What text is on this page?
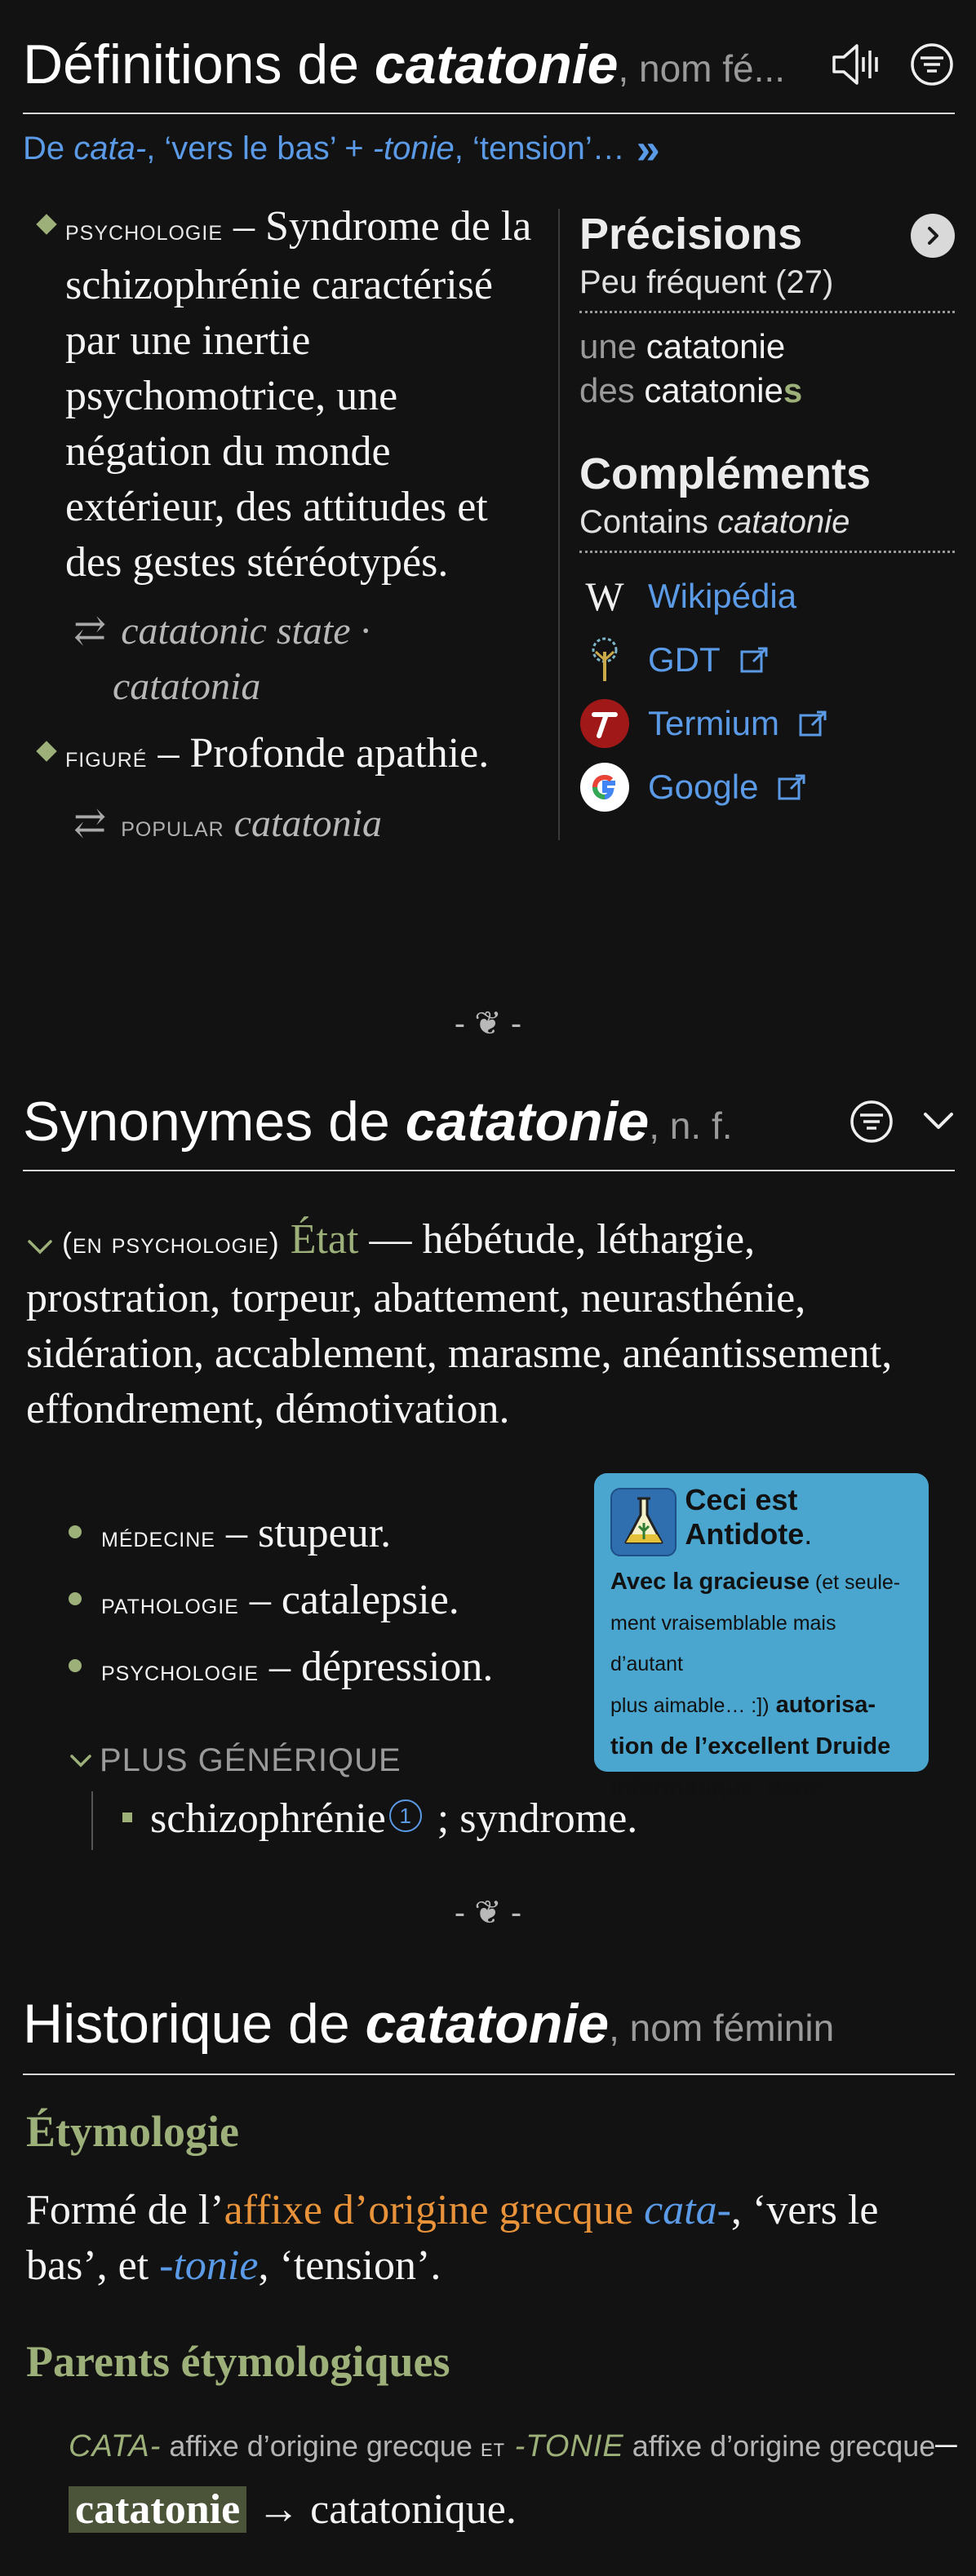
Définitions de catatonie , nom fé...
De cata-, ‘vers le bas’ + -tonie, ‘tension’… »
psychologie – Syndrome de la schizophrénie caractérisé par une inertie psychomotrice, une négation du monde extérieur, des attitudes et des gestes stéréotypés.
⇄ catatonic state ·
catatonia
figuré – Profonde apathie.
⇄ popular catatonia
Précisions
Peu fréquent (27)
une catatonie
des catatonies
Compléments
Contains catatonie
W Wikipédia
GDT
Termium
Google
- ❦ -
Synonymes de catatonie , n. f.
(en psychologie) État — hébétude, léthargie, prostration, torpeur, abattement, neurasthénie, sidération, accablement, marasme, anéantissement, effondrement, démotivation.
médecine – stupeur.
pathologie – catalepsie.
psychologie – dépression.
PLUS GÉNÉRIQUE
schizophrénie 1 ; syndrome.
Ceci est Antidote.
Avec la gracieuse (et seule-
ment vraisemblable mais d’autant
plus aimable… :]) autorisa-
tion de l’excellent Druide
Informatique, donc.
- ❦ -
Historique de catatonie , nom féminin
Étymologie
Formé de l’affixe d’origine grecque cata-, ‘vers le bas’, et -tonie, ‘tension’.
Parents étymologiques
CATA- affixe d’origine grecque et -TONIE affixe d’origine grecque–catatonie → catatonique.
